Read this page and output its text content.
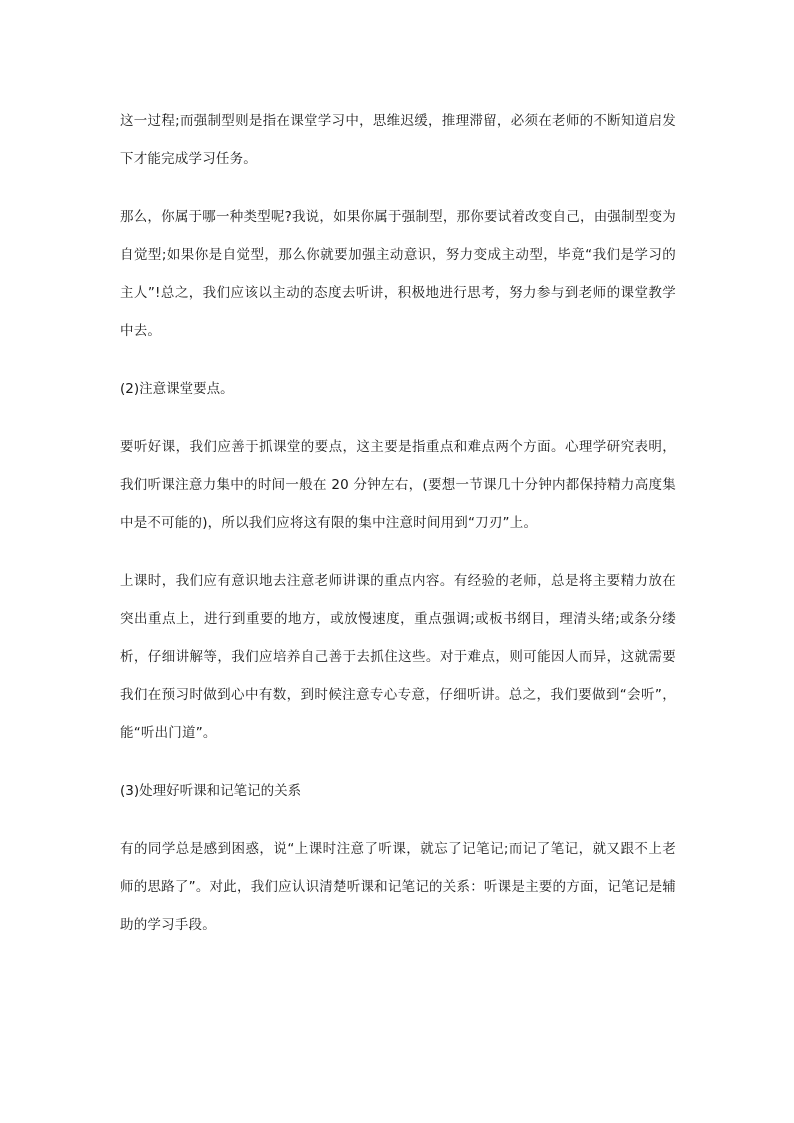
这一过程;而强制型则是指在课堂学习中，思维迟缓，推理滞留，必须在老师的不断知道启发下才能完成学习任务。

那么，你属于哪一种类型呢?我说，如果你属于强制型，那你要试着改变自己，由强制型变为自觉型;如果你是自觉型，那么你就要加强主动意识，努力变成主动型，毕竟“我们是学习的主人”!总之，我们应该以主动的态度去听讲，积极地进行思考，努力参与到老师的课堂教学中去。

(2)注意课堂要点。

要听好课，我们应善于抓课堂的要点，这主要是指重点和难点两个方面。心理学研究表明，我们听课注意力集中的时间一般在 20 分钟左右，(要想一节课几十分钟内都保持精力高度集中是不可能的)，所以我们应将这有限的集中注意时间用到“刀刃”上。

上课时，我们应有意识地去注意老师讲课的重点内容。有经验的老师，总是将主要精力放在突出重点上，进行到重要的地方，或放慢速度，重点强调;或板书纲目，理清头绪;或条分缕析，仔细讲解等，我们应培养自己善于去抓住这些。对于难点，则可能因人而异，这就需要我们在预习时做到心中有数，到时候注意专心专意，仔细听讲。总之，我们要做到“会听”，能“听出门道”。

(3)处理好听课和记笔记的关系

有的同学总是感到困惑，说“上课时注意了听课，就忘了记笔记;而记了笔记，就又跟不上老师的思路了”。对此，我们应认识清楚听课和记笔记的关系：听课是主要的方面，记笔记是辅助的学习手段。
